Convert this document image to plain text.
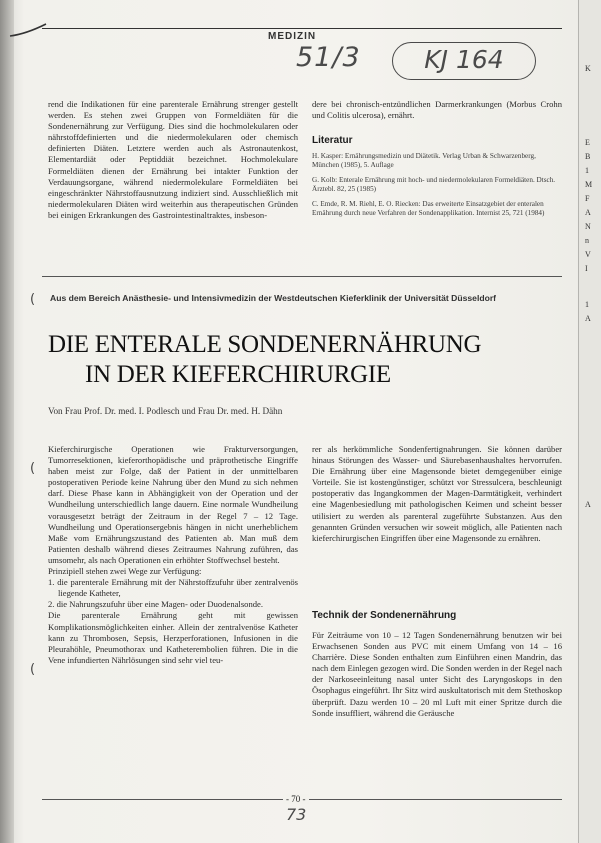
K
E
B
1
M
F
A
N
n
V
I
1
A
A
MEDIZIN
51/3	KJ 164

rend die Indikationen für eine parenterale Ernährung strenger gestellt werden. Es stehen zwei Gruppen von Formeldiäten für die Sondenernährung zur Verfügung. Dies sind die hochmolekularen oder nährstoffdefinierten und die niedermolekularen oder chemisch definierten Diäten. Letztere werden auch als Astronautenkost, Elementardiät oder Peptiddiät bezeichnet. Hochmolekulare Formeldiäten dienen der Ernährung bei intakter Funktion der Verdauungsorgane, während niedermolekulare Formeldiäten bei eingeschränkter Nährstoffausnutzung indiziert sind. Ausschließlich mit niedermolekularen Diäten wird weiterhin aus therapeutischen Gründen bei einigen Erkrankungen des Gastrointestinaltraktes, insbeson-

dere bei chronisch-entzündlichen Darmerkrankungen (Morbus Crohn und Colitis ulcerosa), ernährt.

Literatur
H. Kasper: Ernährungsmedizin und Diätetik. Verlag Urban & Schwarzenberg, München (1985), 5. Auflage
G. Kolb: Enterale Ernährung mit hoch- und niedermolekularen Formeldiäten. Dtsch. Ärztebl. 82, 25 (1985)
C. Emde, R. M. Riehl, E. O. Riecken: Das erweiterte Einsatzgebiet der enteralen Ernährung durch neue Verfahren der Sondenapplikation. Internist 25, 721 (1984)
( Aus dem Bereich Anästhesie- und Intensivmedizin der Westdeutschen Kieferklinik der Universität Düsseldorf
DIE ENTERALE SONDENERNÄHRUNG
IN DER KIEFERCHIRURGIE
Von Frau Prof. Dr. med. I. Podlesch und Frau Dr. med. H. Dähn
(
(

Kieferchirurgische Operationen wie Frakturversorgungen, Tumorresektionen, kieferorthopädische und präprothetische Eingriffe haben meist zur Folge, daß der Patient in der unmittelbaren postoperativen Periode keine Nahrung über den Mund zu sich nehmen darf. Diese Phase kann in Abhängigkeit von der Operation und der Wundheilung unterschiedlich lange dauern. Eine normale Wundheilung vorausgesetzt beträgt der Zeitraum in der Regel 7 – 12 Tage. Wundheilung und Operationsergebnis hängen in nicht unerheblichem Maße vom Ernährungszustand des Patienten ab. Man muß dem Patienten deshalb während dieses Zeitraumes Nahrung zuführen, das umsomehr, als nach Operationen ein erhöhter Stoffwechsel besteht.

Prinzipiell stehen zwei Wege zur Verfügung:

1. die parenterale Ernährung mit der Nährstoffzufuhr über zentralvenös liegende Katheter,

2. die Nahrungszufuhr über eine Magen- oder Duodenalsonde.

Die parenterale Ernährung geht mit gewissen Komplikationsmöglichkeiten einher. Allein der zentralvenöse Katheter kann zu Thrombosen, Sepsis, Herzperforationen, Infusionen in die Pleurahöhle, Pneumothorax und Katheterembolien führen. Die in die Vene infundierten Nährlösungen sind sehr viel teu-

rer als herkömmliche Sondenfertignahrungen. Sie können darüber hinaus Störungen des Wasser- und Säurebasenhaushaltes hervorrufen. Die Ernährung über eine Magensonde bietet demgegenüber einige Vorteile. Sie ist kostengünstiger, schützt vor Stressulcera, beschleunigt postoperativ das Ingangkommen der Magen-Darmtätigkeit, verhindert eine Magenbesiedlung mit pathologischen Keimen und scheint besser utilisiert zu werden als parenteral zugeführte Substanzen. Aus den genannten Gründen versuchen wir soweit möglich, alle Patienten nach kieferchirurgischen Eingriffen über eine Magensonde zu ernähren.

Technik der Sondenernährung

Für Zeiträume von 10 – 12 Tagen Sondenernährung benutzen wir bei Erwachsenen Sonden aus PVC mit einem Umfang von 14 – 16 Charrière. Diese Sonden enthalten zum Einführen einen Mandrin, das nach dem Einlegen gezogen wird. Die Sonden werden in der Regel nach der Narkoseeinleitung nasal unter Sicht des Laryngoskops in den Ösophagus eingeführt. Ihr Sitz wird auskultatorisch mit dem Stethoskop überprüft. Dazu werden 10 – 20 ml Luft mit einer Spritze durch die Sonde insuffliert, während die Geräusche

- 70 -
73
